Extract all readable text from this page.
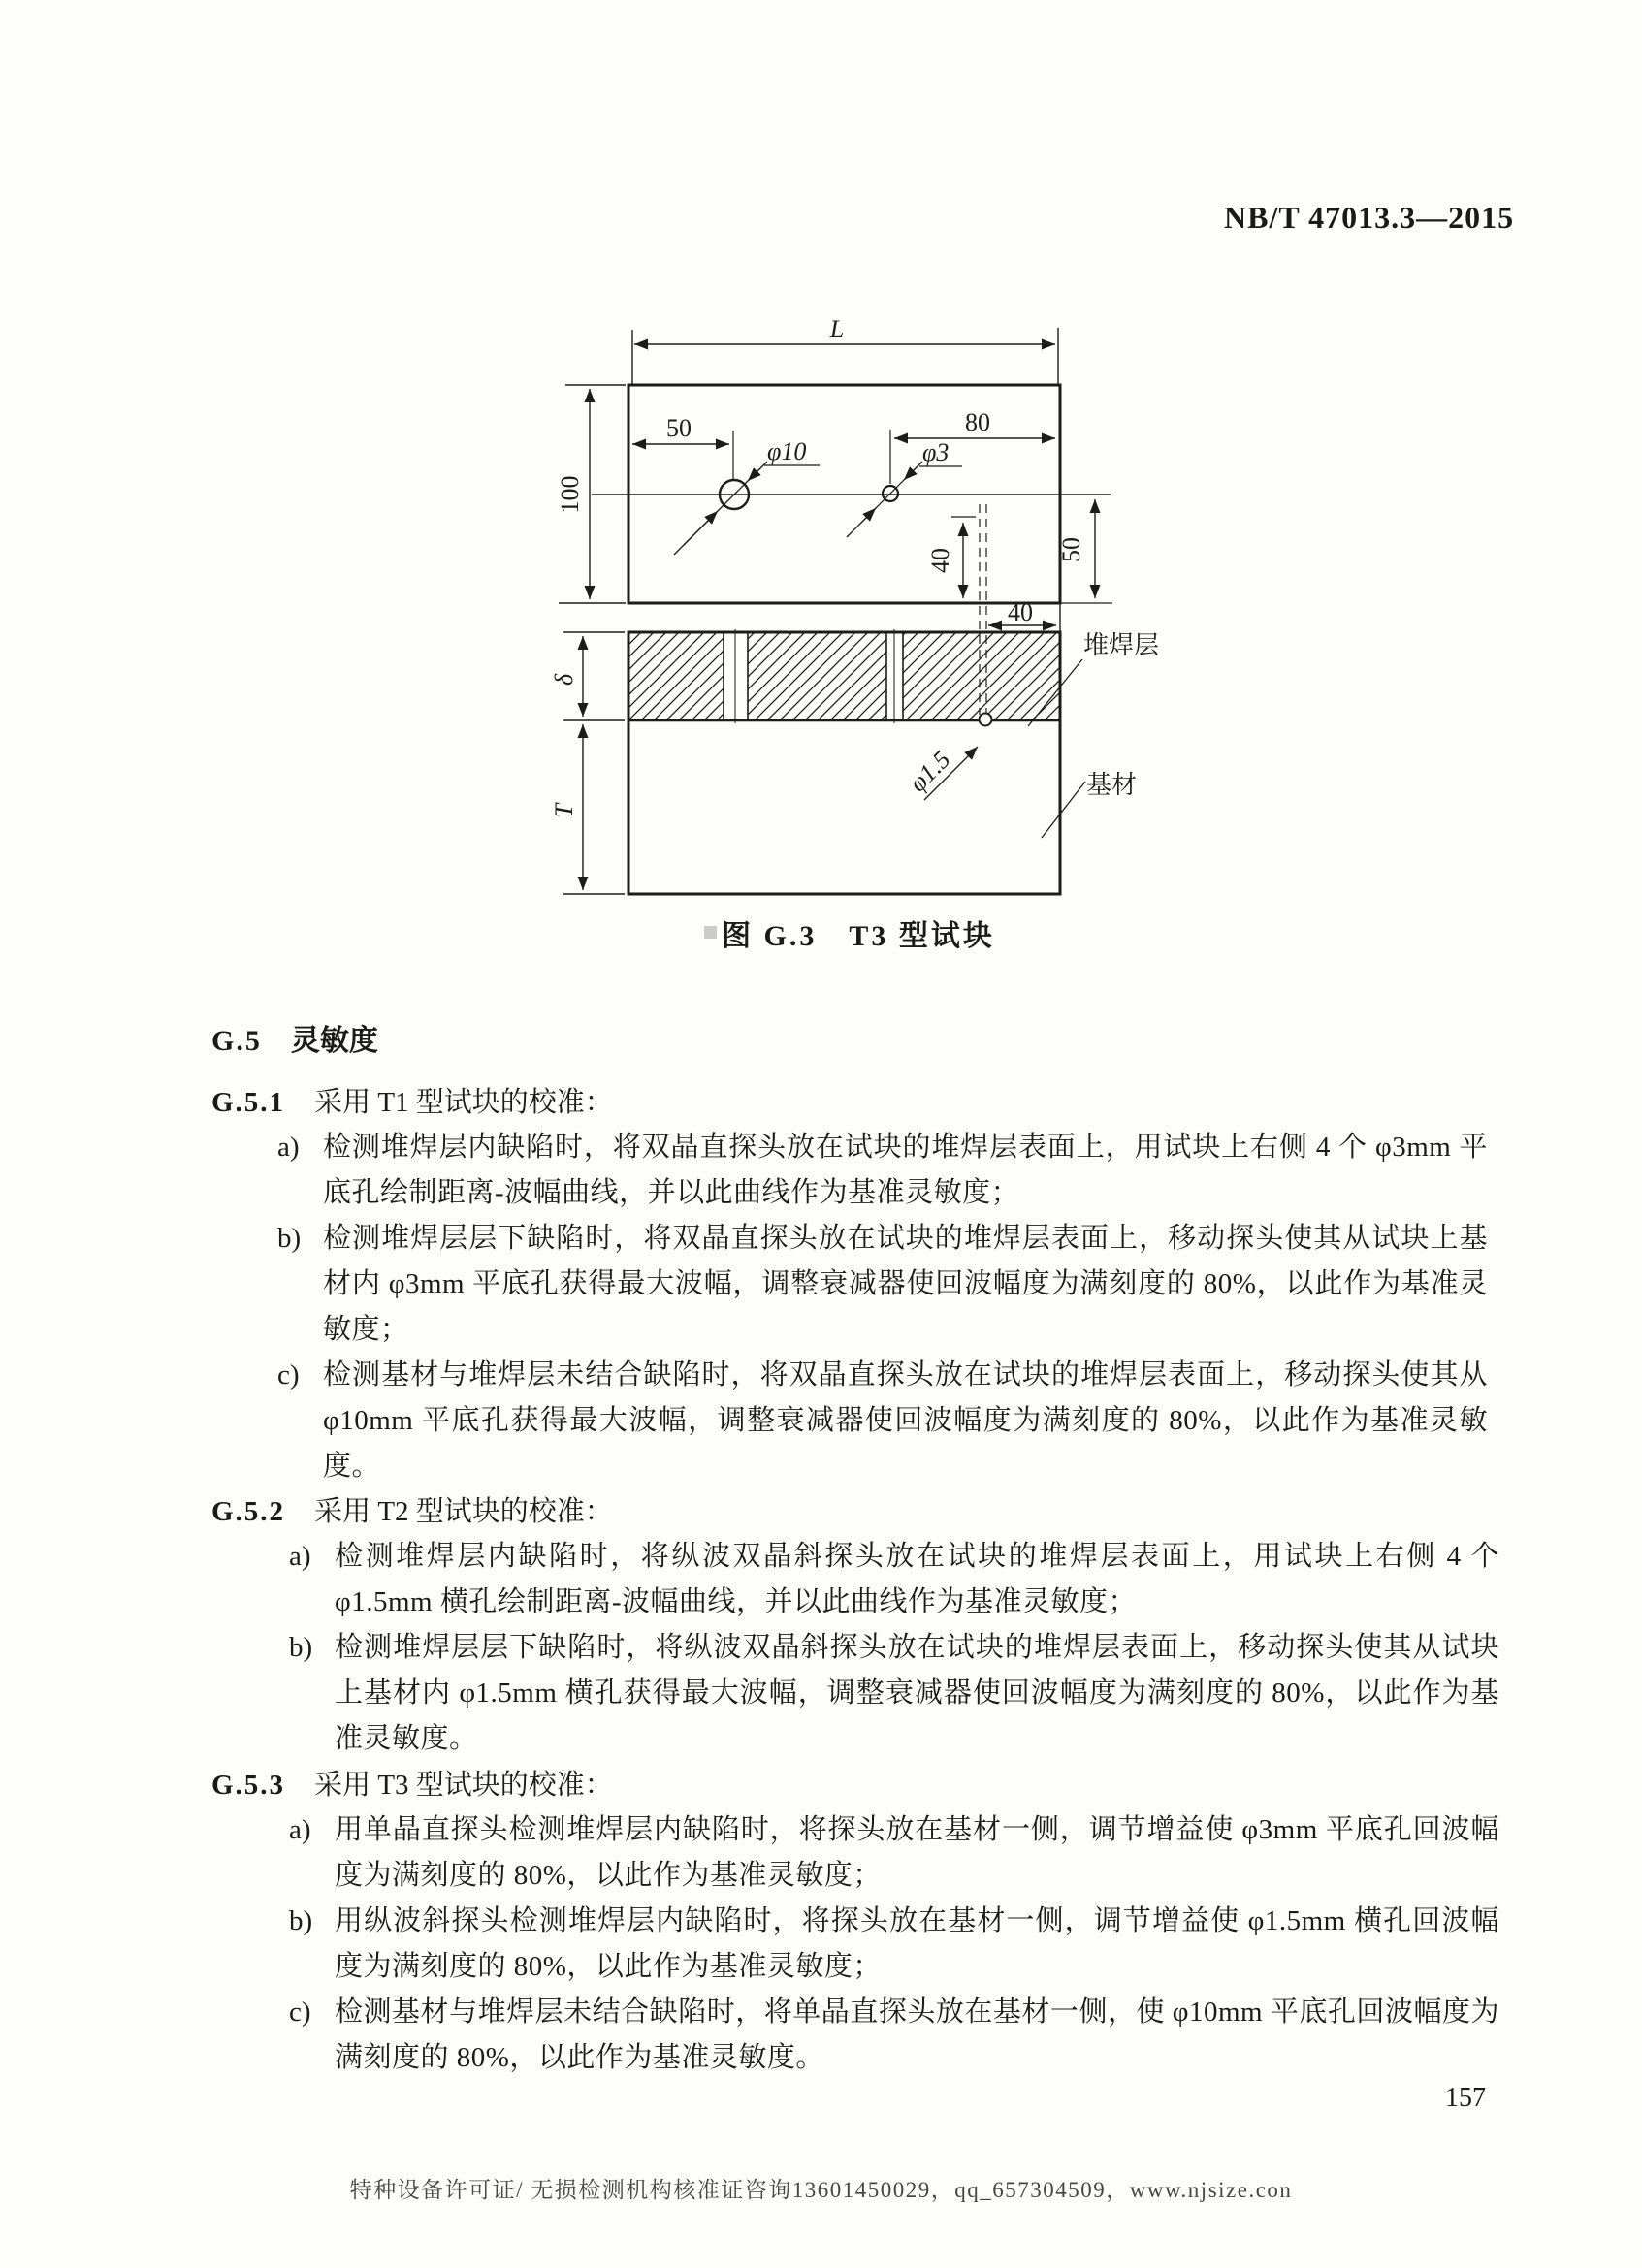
NB/T 47013.3—2015
L
100
50
φ10
80
φ3
40	50
40
φ1.5
δ
T
堆焊层
基材
图 G.3　T3 型试块
G.5 灵敏度
G.5.1 采用 T1 型试块的校准：
a) 检测堆焊层内缺陷时，将双晶直探头放在试块的堆焊层表面上，用试块上右侧 4 个 φ3mm 平底孔绘制距离-波幅曲线，并以此曲线作为基准灵敏度；
b) 检测堆焊层层下缺陷时，将双晶直探头放在试块的堆焊层表面上，移动探头使其从试块上基材内 φ3mm 平底孔获得最大波幅，调整衰减器使回波幅度为满刻度的 80%，以此作为基准灵敏度；
c) 检测基材与堆焊层未结合缺陷时，将双晶直探头放在试块的堆焊层表面上，移动探头使其从 φ10mm 平底孔获得最大波幅，调整衰减器使回波幅度为满刻度的 80%，以此作为基准灵敏度。
G.5.2 采用 T2 型试块的校准：
a) 检测堆焊层内缺陷时，将纵波双晶斜探头放在试块的堆焊层表面上，用试块上右侧 4 个 φ1.5mm 横孔绘制距离-波幅曲线，并以此曲线作为基准灵敏度；
b) 检测堆焊层层下缺陷时，将纵波双晶斜探头放在试块的堆焊层表面上，移动探头使其从试块上基材内 φ1.5mm 横孔获得最大波幅，调整衰减器使回波幅度为满刻度的 80%，以此作为基准灵敏度。
G.5.3 采用 T3 型试块的校准：
a) 用单晶直探头检测堆焊层内缺陷时，将探头放在基材一侧，调节增益使 φ3mm 平底孔回波幅度为满刻度的 80%，以此作为基准灵敏度；
b) 用纵波斜探头检测堆焊层内缺陷时，将探头放在基材一侧，调节增益使 φ1.5mm 横孔回波幅度为满刻度的 80%，以此作为基准灵敏度；
c) 检测基材与堆焊层未结合缺陷时，将单晶直探头放在基材一侧，使 φ10mm 平底孔回波幅度为满刻度的 80%，以此作为基准灵敏度。
157
特种设备许可证/ 无损检测机构核准证咨询13601450029，qq_657304509，www.njsize.con
